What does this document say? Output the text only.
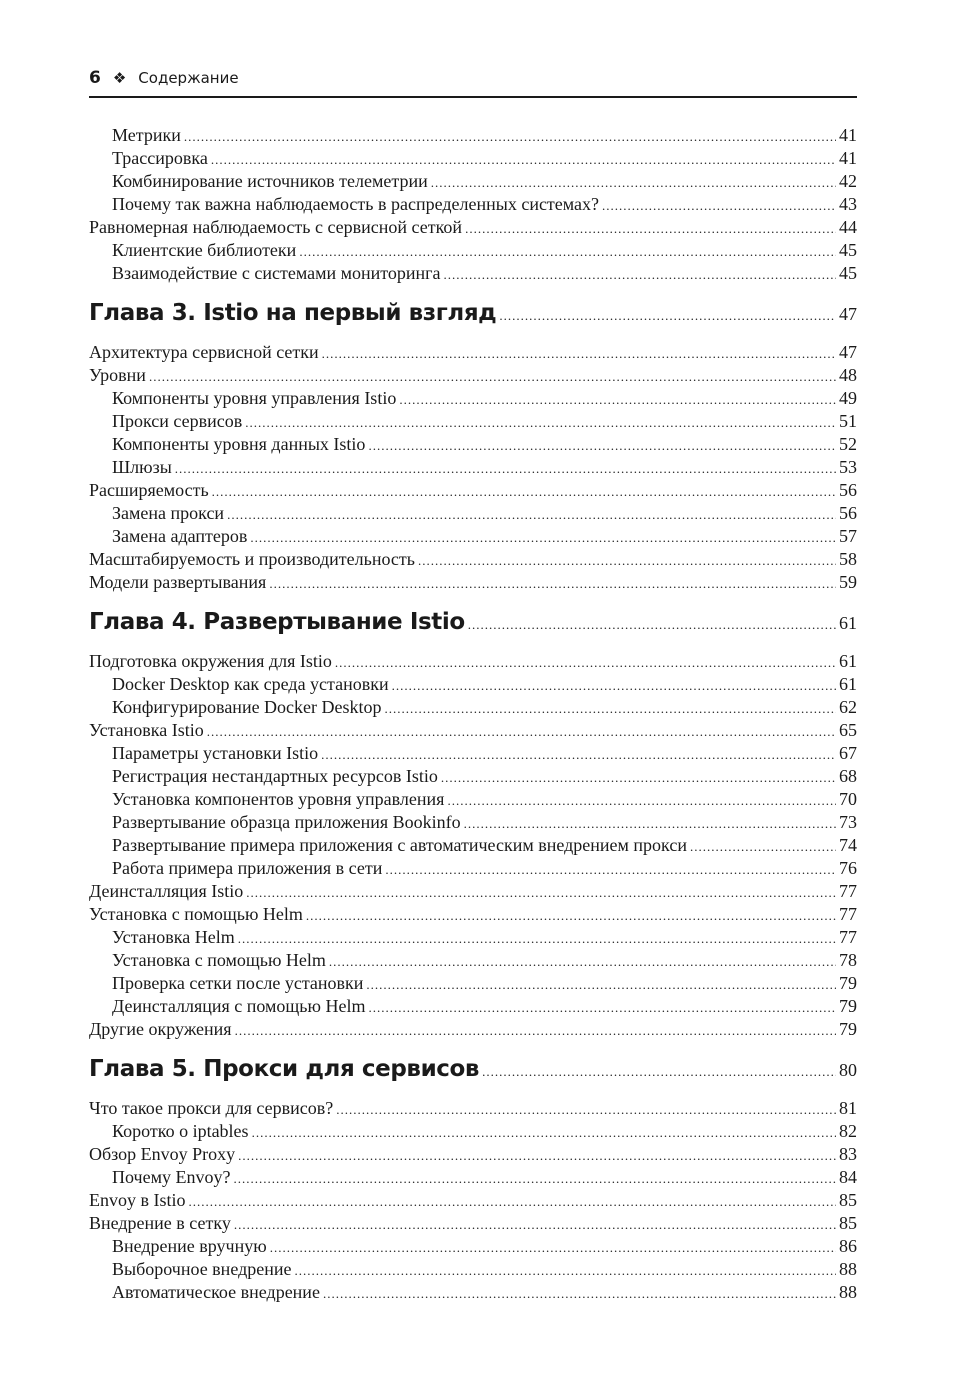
6 ❖ Содержание
Метрики .....	41
Трассировка .....	41
Комбинирование источников телеметрии .....	42
Почему так важна наблюдаемость в распределенных системах? .....	43
Равномерная наблюдаемость с сервисной сеткой .....	44
Клиентские библиотеки .....	45
Взаимодействие с системами мониторинга .....	45
Глава 3. Istio на первый взгляд .....	47
Архитектура сервисной сетки .....	47
Уровни .....	48
Компоненты уровня управления Istio .....	49
Прокси сервисов .....	51
Компоненты уровня данных Istio .....	52
Шлюзы .....	53
Расширяемость .....	56
Замена прокси .....	56
Замена адаптеров .....	57
Масштабируемость и производительность .....	58
Модели развертывания .....	59
Глава 4. Развертывание Istio .....	61
Подготовка окружения для Istio .....	61
Docker Desktop как среда установки .....	61
Конфигурирование Docker Desktop .....	62
Установка Istio .....	65
Параметры установки Istio .....	67
Регистрация нестандартных ресурсов Istio .....	68
Установка компонентов уровня управления .....	70
Развертывание образца приложения Bookinfo .....	73
Развертывание примера приложения с автоматическим внедрением прокси .....	74
Работа примера приложения в сети .....	76
Деинсталляция Istio .....	77
Установка с помощью Helm .....	77
Установка Helm .....	77
Установка с помощью Helm .....	78
Проверка сетки после установки .....	79
Деинсталляция с помощью Helm .....	79
Другие окружения .....	79
Глава 5. Прокси для сервисов .....	80
Что такое прокси для сервисов? .....	81
Коротко о iptables .....	82
Обзор Envoy Proxy .....	83
Почему Envoy? .....	84
Envoy в Istio .....	85
Внедрение в сетку .....	85
Внедрение вручную .....	86
Выборочное внедрение .....	88
Автоматическое внедрение .....	88
